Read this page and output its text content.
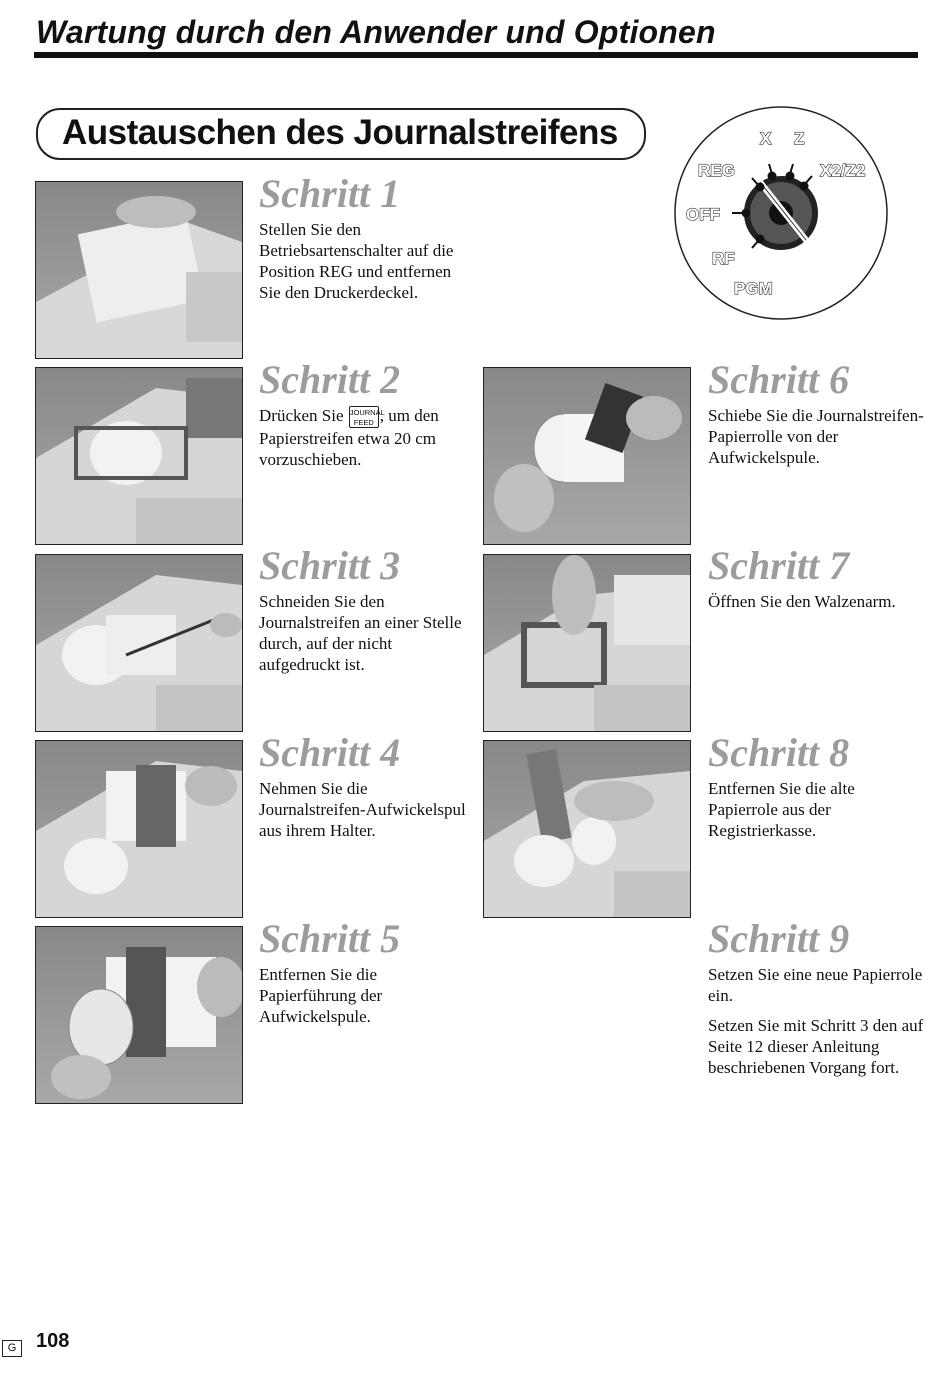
Wartung durch den Anwender und Optionen
Austauschen des Journalstreifens	X Z
REG	X2/Z2
OFF
RF
PGM
Schritt 1

Stellen Sie den Betriebsartenschalter auf die Position REG und entfernen Sie den Druckerdeckel.

Schritt 2

Drücken Sie JOURNAL
FEED , um den Papierstreifen etwa 20 cm vorzuschieben.

Schritt 3

Schneiden Sie den Journalstreifen an einer Stelle durch, auf der nicht aufgedruckt ist.

Schritt 4

Nehmen Sie die Journalstreifen-Aufwickelspul aus ihrem Halter.

Schritt 5

Entfernen Sie die Papierführung der Aufwickelspule.

Schritt 6

Schiebe Sie die Journalstreifen-Papierrolle von der Aufwickelspule.

Schritt 7

Öffnen Sie den Walzenarm.

Schritt 8

Entfernen Sie die alte Papierrole aus der Registrierkasse.

Schritt 9

Setzen Sie eine neue Papierrole ein.

Setzen Sie mit Schritt 3 den auf Seite 12 dieser Anleitung beschriebenen Vorgang fort.

G 108
